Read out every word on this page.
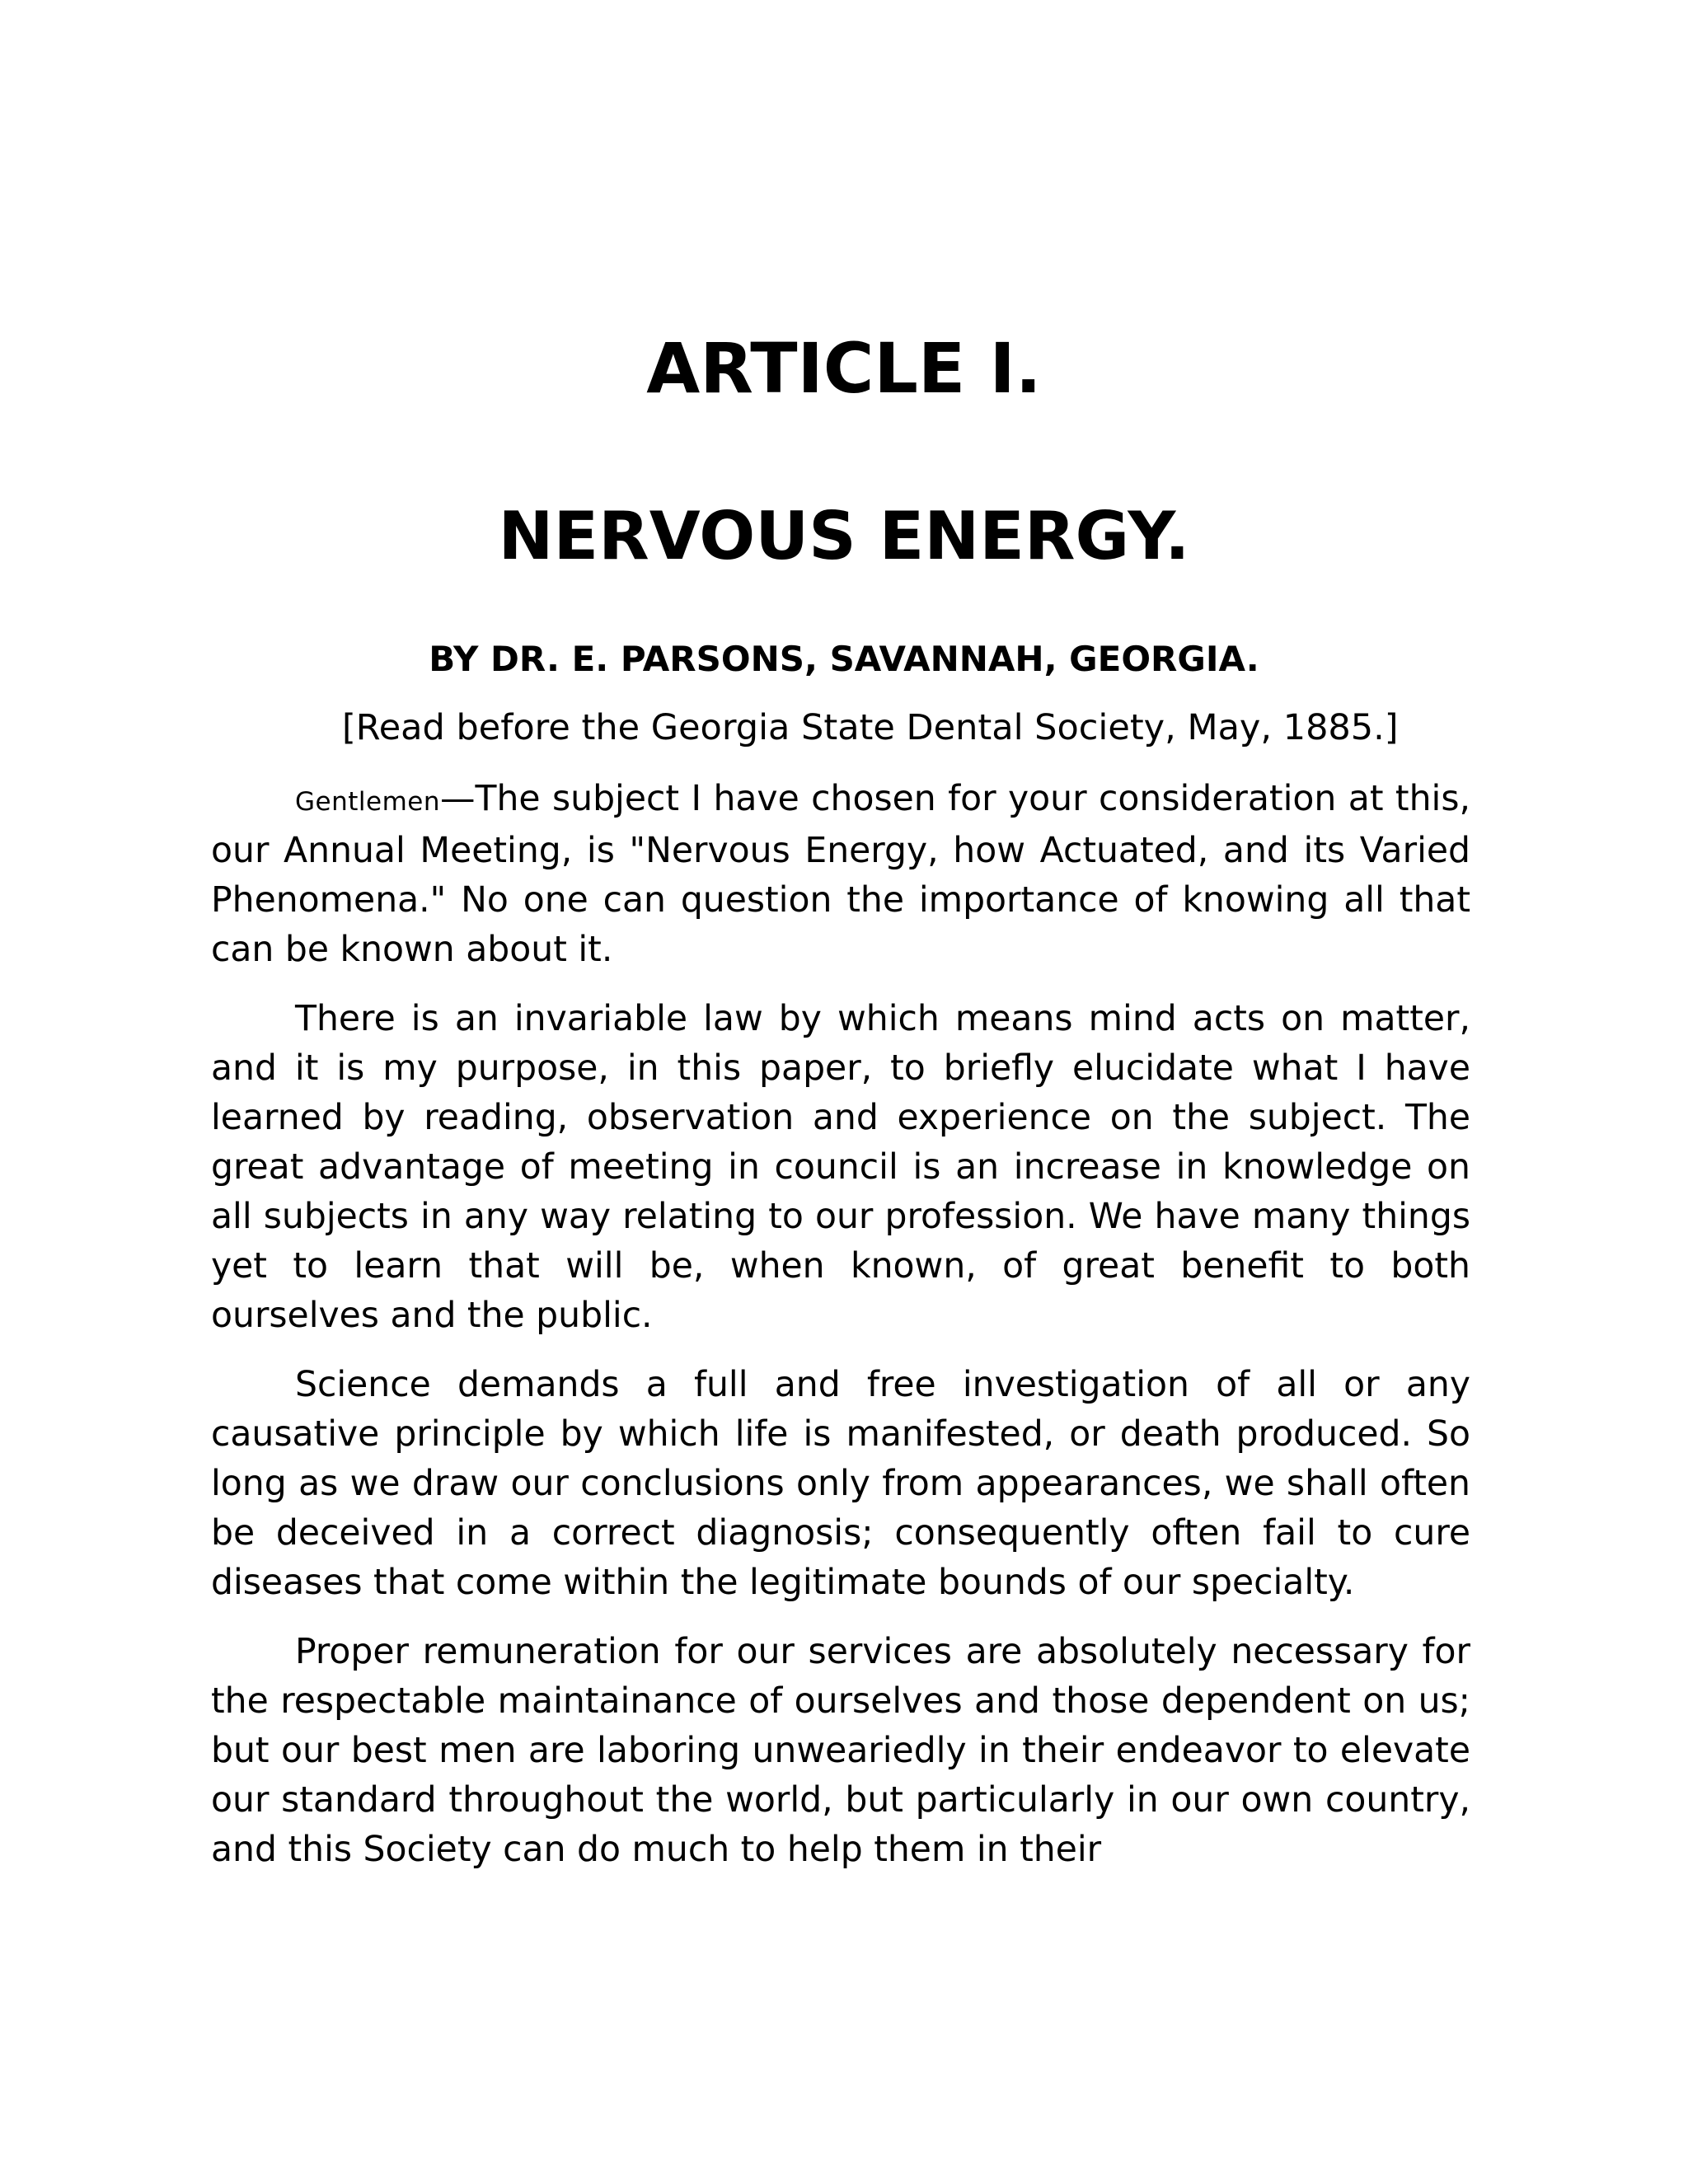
ARTICLE I.
NERVOUS ENERGY.

BY DR. E. PARSONS, SAVANNAH, GEORGIA.

[Read before the Georgia State Dental Society, May, 1885.]

Gentlemen—The subject I have chosen for your consideration at this, our Annual Meeting, is "Nervous Energy, how Actuated, and its Varied Phenomena." No one can question the importance of knowing all that can be known about it.

There is an invariable law by which means mind acts on matter, and it is my purpose, in this paper, to briefly elucidate what I have learned by reading, observation and experience on the subject. The great advantage of meeting in council is an increase in knowledge on all subjects in any way relating to our profession. We have many things yet to learn that will be, when known, of great benefit to both ourselves and the public.

Science demands a full and free investigation of all or any causative principle by which life is manifested, or death produced. So long as we draw our conclusions only from appearances, we shall often be deceived in a correct diagnosis; consequently often fail to cure diseases that come within the legitimate bounds of our specialty.

Proper remuneration for our services are absolutely necessary for the respectable maintainance of ourselves and those dependent on us; but our best men are laboring unweariedly in their endeavor to elevate our standard throughout the world, but particularly in our own country, and this Society can do much to help them in their
